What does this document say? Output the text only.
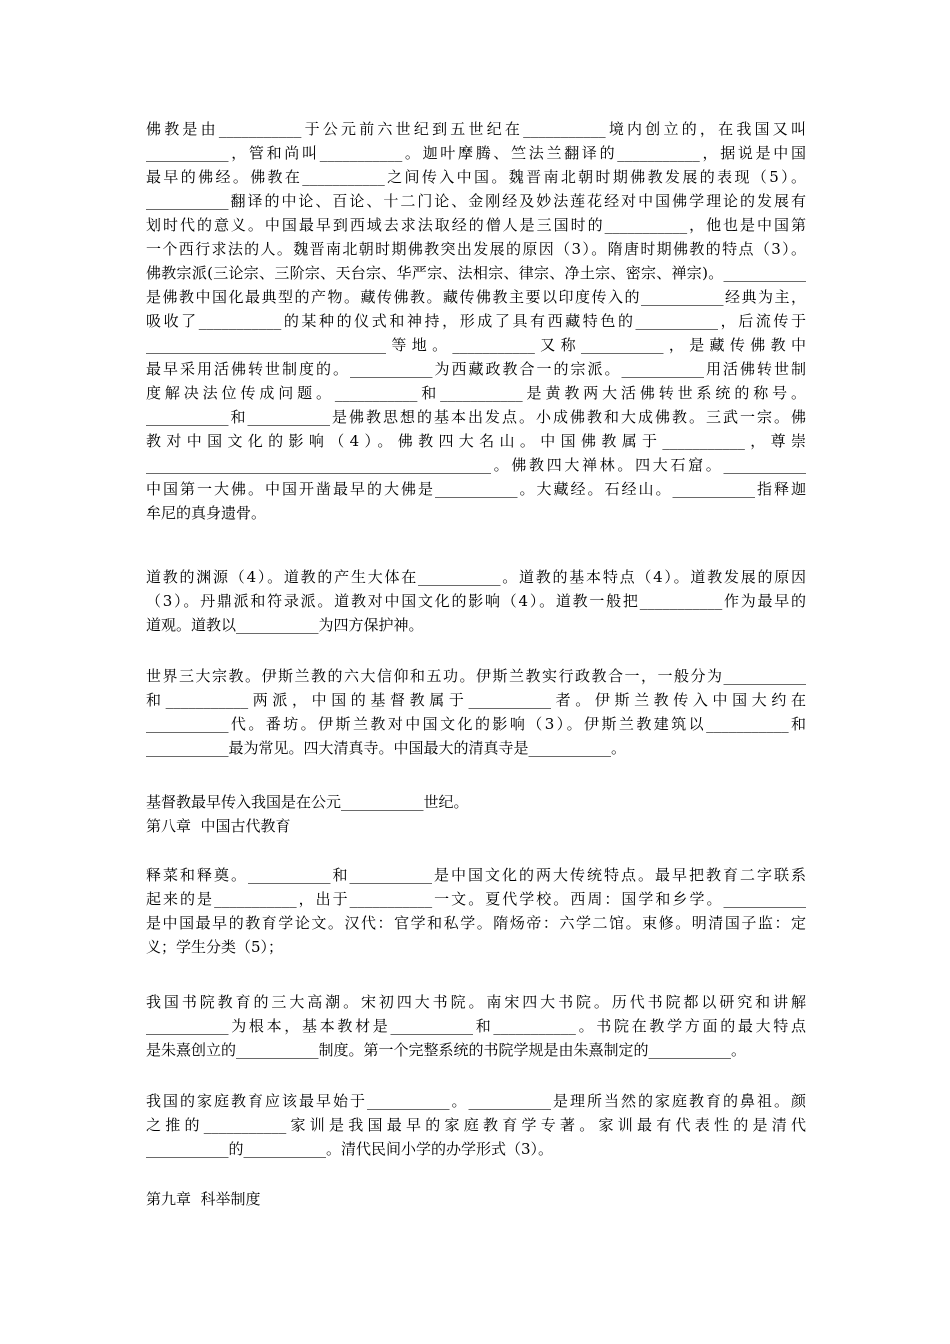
佛教是由___________于公元前六世纪到五世纪在___________境内创立的，在我国又叫
___________，管和尚叫___________。迦叶摩腾、竺法兰翻译的___________，据说是中国
最早的佛经。佛教在___________之间传入中国。魏晋南北朝时期佛教发展的表现（5）。
___________翻译的中论、百论、十二门论、金刚经及妙法莲花经对中国佛学理论的发展有
划时代的意义。中国最早到西域去求法取经的僧人是三国时的___________，他也是中国第
一个西行求法的人。魏晋南北朝时期佛教突出发展的原因（3）。隋唐时期佛教的特点（3）。
佛教宗派(三论宗、三阶宗、天台宗、华严宗、法相宗、律宗、净土宗、密宗、禅宗)。___________
是佛教中国化最典型的产物。藏传佛教。藏传佛教主要以印度传入的___________经典为主，
吸收了___________的某种的仪式和神持，形成了具有西藏特色的___________，后流传于
________________________________等地。___________又称___________，是藏传佛教中
最早采用活佛转世制度的。___________为西藏政教合一的宗派。___________用活佛转世制
度解决法位传成问题。___________和___________是黄教两大活佛转世系统的称号。
___________和___________是佛教思想的基本出发点。小成佛教和大成佛教。三武一宗。佛
教对中国文化的影响（4）。佛教四大名山。中国佛教属于___________，尊崇
______________________________________________。佛教四大禅林。四大石窟。___________
中国第一大佛。中国开凿最早的大佛是___________。大藏经。石经山。___________指释迦
牟尼的真身遗骨。
道教的渊源（4）。道教的产生大体在___________。道教的基本特点（4）。道教发展的原因
（3）。丹鼎派和符录派。道教对中国文化的影响（4）。道教一般把___________作为最早的
道观。道教以___________为四方保护神。
世界三大宗教。伊斯兰教的六大信仰和五功。伊斯兰教实行政教合一，一般分为___________
和___________两派，中国的基督教属于___________者。伊斯兰教传入中国大约在
___________代。番坊。伊斯兰教对中国文化的影响（3）。伊斯兰教建筑以___________和
___________最为常见。四大清真寺。中国最大的清真寺是___________。
基督教最早传入我国是在公元___________世纪。
第八章  中国古代教育
释菜和释奠。___________和___________是中国文化的两大传统特点。最早把教育二字联系
起来的是___________，出于___________一文。夏代学校。西周：国学和乡学。___________
是中国最早的教育学论文。汉代：官学和私学。隋炀帝：六学二馆。束修。明清国子监：定
义；学生分类（5）；
我国书院教育的三大高潮。宋初四大书院。南宋四大书院。历代书院都以研究和讲解
___________为根本，基本教材是___________和___________。书院在教学方面的最大特点
是朱熹创立的___________制度。第一个完整系统的书院学规是由朱熹制定的___________。
我国的家庭教育应该最早始于___________。___________是理所当然的家庭教育的鼻祖。颜
之推的___________家训是我国最早的家庭教育学专著。家训最有代表性的是清代
___________的___________。清代民间小学的办学形式（3）。
第九章  科举制度
